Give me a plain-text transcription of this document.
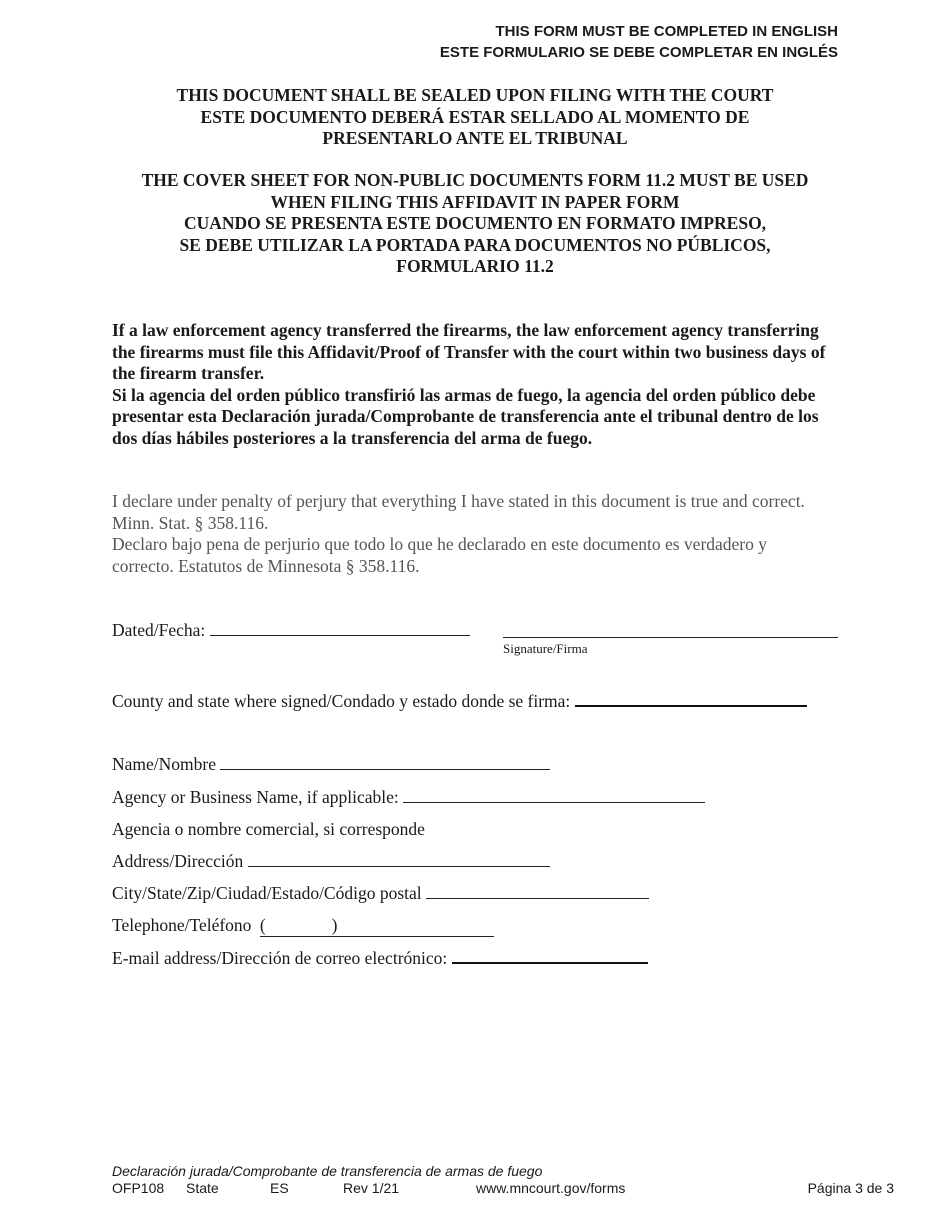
THIS FORM MUST BE COMPLETED IN ENGLISH
ESTE FORMULARIO SE DEBE COMPLETAR EN INGLÉS
THIS DOCUMENT SHALL BE SEALED UPON FILING WITH THE COURT
ESTE DOCUMENTO DEBERÁ ESTAR SELLADO AL MOMENTO DE
PRESENTARLO ANTE EL TRIBUNAL
THE COVER SHEET FOR NON-PUBLIC DOCUMENTS FORM 11.2 MUST BE USED
WHEN FILING THIS AFFIDAVIT IN PAPER FORM
CUANDO SE PRESENTA ESTE DOCUMENTO EN FORMATO IMPRESO,
SE DEBE UTILIZAR LA PORTADA PARA DOCUMENTOS NO PÚBLICOS,
FORMULARIO 11.2
If a law enforcement agency transferred the firearms, the law enforcement agency transferring the firearms must file this Affidavit/Proof of Transfer with the court within two business days of the firearm transfer.
Si la agencia del orden público transfirió las armas de fuego, la agencia del orden público debe presentar esta Declaración jurada/Comprobante de transferencia ante el tribunal dentro de los dos días hábiles posteriores a la transferencia del arma de fuego.
I declare under penalty of perjury that everything I have stated in this document is true and correct. Minn. Stat. § 358.116.
Declaro bajo pena de perjurio que todo lo que he declarado en este documento es verdadero y correcto. Estatutos de Minnesota § 358.116.
Dated/Fecha:
Signature/Firma
County and state where signed/Condado y estado donde se firma:
Name/Nombre
Agency or Business Name, if applicable:
Agencia o nombre comercial, si corresponde
Address/Dirección
City/State/Zip/Ciudad/Estado/Código postal
Telephone/Teléfono (	)
E-mail address/Dirección de correo electrónico:
Declaración jurada/Comprobante de transferencia de armas de fuego
OFP108 State	ES	Rev 1/21	www.mncourt.gov/forms	Página 3 de 3
